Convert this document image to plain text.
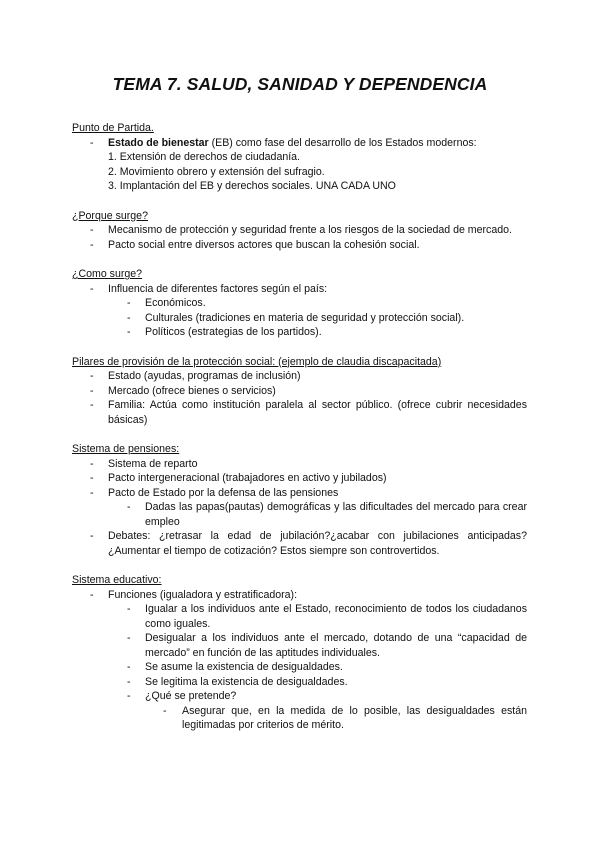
TEMA 7. SALUD, SANIDAD Y DEPENDENCIA
Punto de Partida.
- Estado de bienestar (EB) como fase del desarrollo de los Estados modernos:
1. Extensión de derechos de ciudadanía.
2. Movimiento obrero y extensión del sufragio.
3. Implantación del EB y derechos sociales. UNA CADA UNO
¿Porque surge?
- Mecanismo de protección y seguridad frente a los riesgos de la sociedad de mercado.
- Pacto social entre diversos actores que buscan la cohesión social.
¿Como surge?
- Influencia de diferentes factores según el país:
- Económicos.
- Culturales (tradiciones en materia de seguridad y protección social).
- Políticos (estrategias de los partidos).
Pilares de provisión de la protección social: (ejemplo de claudia discapacitada)
- Estado (ayudas, programas de inclusión)
- Mercado (ofrece bienes o servicios)
- Familia: Actúa como institución paralela al sector público. (ofrece cubrir necesidades básicas)
Sistema de pensiones:
- Sistema de reparto
- Pacto intergeneracional (trabajadores en activo y jubilados)
- Pacto de Estado por la defensa de las pensiones
- Dadas las papas(pautas) demográficas y las dificultades del mercado para crear empleo
- Debates: ¿retrasar la edad de jubilación?¿acabar con jubilaciones anticipadas?¿Aumentar el tiempo de cotización? Estos siempre son controvertidos.
Sistema educativo:
- Funciones (igualadora y estratificadora):
- Igualar a los individuos ante el Estado, reconocimiento de todos los ciudadanos como iguales.
- Desigualar a los individuos ante el mercado, dotando de una “capacidad de mercado” en función de las aptitudes individuales.
- Se asume la existencia de desigualdades.
- Se legitima la existencia de desigualdades.
- ¿Qué se pretende?
- Asegurar que, en la medida de lo posible, las desigualdades están legitimadas por criterios de mérito.
